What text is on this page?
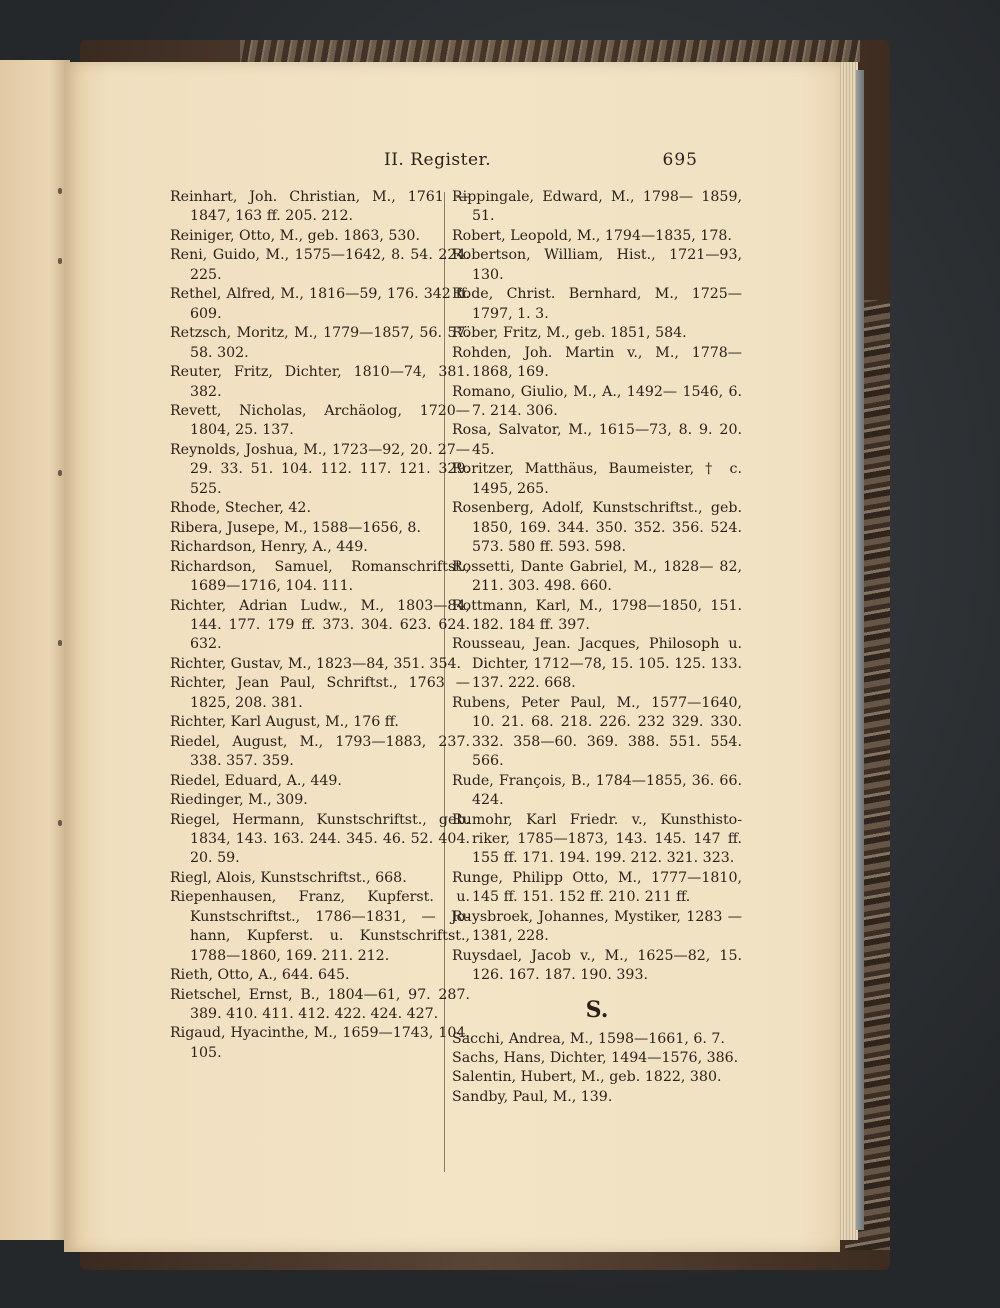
II. Register.	695

Reinhart, Joh. Christian, M., 1761 —1847, 163 ff. 205. 212.

Reiniger, Otto, M., geb. 1863, 530.

Reni, Guido, M., 1575—1642, 8. 54. 224. 225.

Rethel, Alfred, M., 1816—59, 176. 342 ff. 609.

Retzsch, Moritz, M., 1779—1857, 56. 57. 58. 302.

Reuter, Fritz, Dichter, 1810—74, 381. 382.

Revett, Nicholas, Archäolog, 1720— 1804, 25. 137.

Reynolds, Joshua, M., 1723—92, 20. 27—29. 33. 51. 104. 112. 117. 121. 329. 525.

Rhode, Stecher, 42.

Ribera, Jusepe, M., 1588—1656, 8.

Richardson, Henry, A., 449.

Richardson, Samuel, Romanschriftst., 1689—1716, 104. 111.

Richter, Adrian Ludw., M., 1803—84, 144. 177. 179 ff. 373. 304. 623. 624. 632.

Richter, Gustav, M., 1823—84, 351. 354.

Richter, Jean Paul, Schriftst., 1763 —1825, 208. 381.

Richter, Karl August, M., 176 ff.

Riedel, August, M., 1793—1883, 237. 338. 357. 359.

Riedel, Eduard, A., 449.

Riedinger, M., 309.

Riegel, Hermann, Kunstschriftst., geb. 1834, 143. 163. 244. 345. 46. 52. 404. 20. 59.

Riegl, Alois, Kunstschriftst., 668.

Riepenhausen, Franz, Kupferst. u. Kunstschriftst., 1786—1831, — Jo- hann, Kupferst. u. Kunstschriftst., 1788—1860, 169. 211. 212.

Rieth, Otto, A., 644. 645.

Rietschel, Ernst, B., 1804—61, 97. 287. 389. 410. 411. 412. 422. 424. 427.

Rigaud, Hyacinthe, M., 1659—1743, 104. 105.

Rippingale, Edward, M., 1798— 1859, 51.

Robert, Leopold, M., 1794—1835, 178.

Robertson, William, Hist., 1721—93, 130.

Rode, Christ. Bernhard, M., 1725— 1797, 1. 3.

Röber, Fritz, M., geb. 1851, 584.

Rohden, Joh. Martin v., M., 1778— 1868, 169.

Romano, Giulio, M., A., 1492— 1546, 6. 7. 214. 306.

Rosa, Salvator, M., 1615—73, 8. 9. 20. 45.

Roritzer, Matthäus, Baumeister, † c. 1495, 265.

Rosenberg, Adolf, Kunstschriftst., geb. 1850, 169. 344. 350. 352. 356. 524. 573. 580 ff. 593. 598.

Rossetti, Dante Gabriel, M., 1828— 82, 211. 303. 498. 660.

Rottmann, Karl, M., 1798—1850, 151. 182. 184 ff. 397.

Rousseau, Jean. Jacques, Philosoph u. Dichter, 1712—78, 15. 105. 125. 133. 137. 222. 668.

Rubens, Peter Paul, M., 1577—1640, 10. 21. 68. 218. 226. 232 329. 330. 332. 358—60. 369. 388. 551. 554. 566.

Rude, François, B., 1784—1855, 36. 66. 424.

Rumohr, Karl Friedr. v., Kunsthisto- riker, 1785—1873, 143. 145. 147 ff. 155 ff. 171. 194. 199. 212. 321. 323.

Runge, Philipp Otto, M., 1777—1810, 145 ff. 151. 152 ff. 210. 211 ff.

Ruysbroek, Johannes, Mystiker, 1283 —1381, 228.

Ruysdael, Jacob v., M., 1625—82, 15. 126. 167. 187. 190. 393.

S.

Sacchi, Andrea, M., 1598—1661, 6. 7.

Sachs, Hans, Dichter, 1494—1576, 386.

Salentin, Hubert, M., geb. 1822, 380.

Sandby, Paul, M., 139.
